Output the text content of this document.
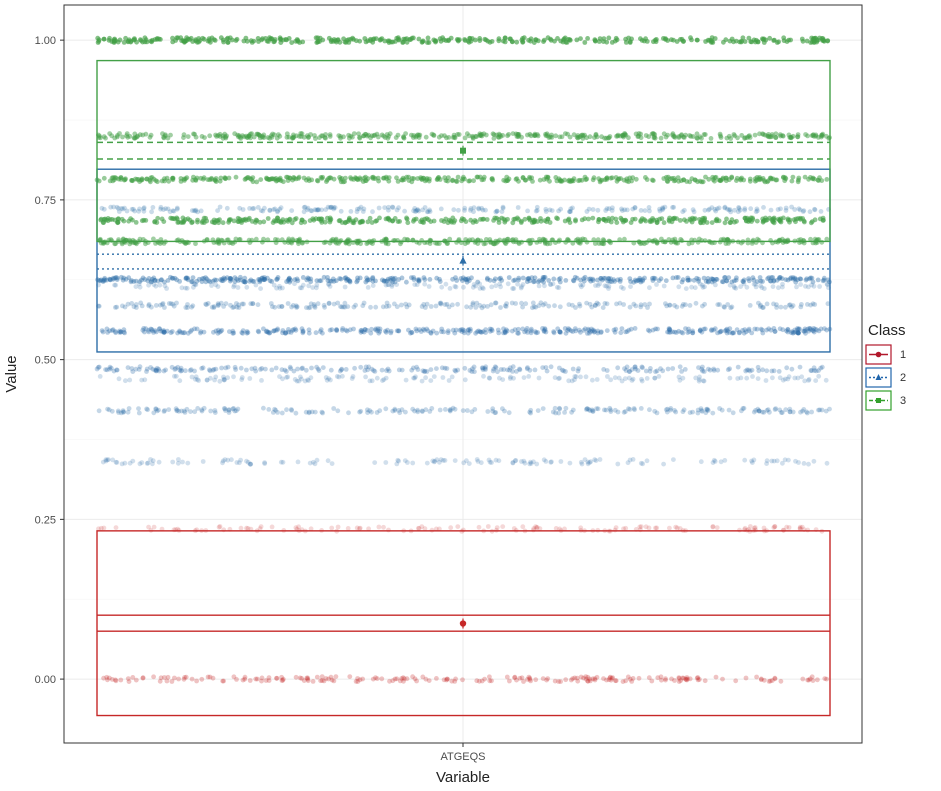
0.00
0.25
0.50
0.75
1.00
ATGEQS
Variable
Value
Class
1
2
3
